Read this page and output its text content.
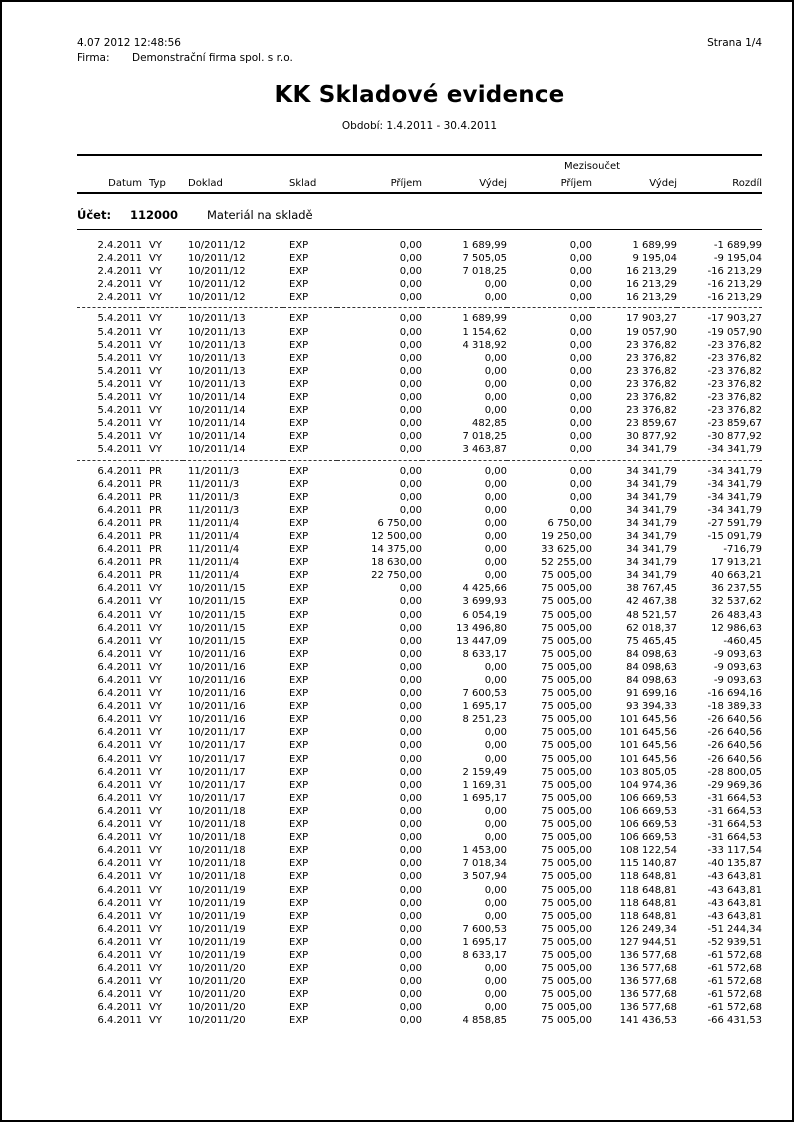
4.07 2012 12:48:56	Strana 1/4
Firma:	Demonstrační firma spol. s r.o.
KK Skladové evidence
Období: 1.4.2011 - 30.4.2011
						Mezisoučet		
Datum	Typ	Doklad	Sklad	Příjem	Výdej	Příjem	Výdej	Rozdíl
Účet:	112000	Materiál na skladě
2.4.2011	VY	10/2011/12	EXP	0,00	1 689,99	0,00	1 689,99	-1 689,99
2.4.2011	VY	10/2011/12	EXP	0,00	7 505,05	0,00	9 195,04	-9 195,04
2.4.2011	VY	10/2011/12	EXP	0,00	7 018,25	0,00	16 213,29	-16 213,29
2.4.2011	VY	10/2011/12	EXP	0,00	0,00	0,00	16 213,29	-16 213,29
2.4.2011	VY	10/2011/12	EXP	0,00	0,00	0,00	16 213,29	-16 213,29
5.4.2011	VY	10/2011/13	EXP	0,00	1 689,99	0,00	17 903,27	-17 903,27
5.4.2011	VY	10/2011/13	EXP	0,00	1 154,62	0,00	19 057,90	-19 057,90
5.4.2011	VY	10/2011/13	EXP	0,00	4 318,92	0,00	23 376,82	-23 376,82
5.4.2011	VY	10/2011/13	EXP	0,00	0,00	0,00	23 376,82	-23 376,82
5.4.2011	VY	10/2011/13	EXP	0,00	0,00	0,00	23 376,82	-23 376,82
5.4.2011	VY	10/2011/13	EXP	0,00	0,00	0,00	23 376,82	-23 376,82
5.4.2011	VY	10/2011/14	EXP	0,00	0,00	0,00	23 376,82	-23 376,82
5.4.2011	VY	10/2011/14	EXP	0,00	0,00	0,00	23 376,82	-23 376,82
5.4.2011	VY	10/2011/14	EXP	0,00	482,85	0,00	23 859,67	-23 859,67
5.4.2011	VY	10/2011/14	EXP	0,00	7 018,25	0,00	30 877,92	-30 877,92
5.4.2011	VY	10/2011/14	EXP	0,00	3 463,87	0,00	34 341,79	-34 341,79
6.4.2011	PR	11/2011/3	EXP	0,00	0,00	0,00	34 341,79	-34 341,79
6.4.2011	PR	11/2011/3	EXP	0,00	0,00	0,00	34 341,79	-34 341,79
6.4.2011	PR	11/2011/3	EXP	0,00	0,00	0,00	34 341,79	-34 341,79
6.4.2011	PR	11/2011/3	EXP	0,00	0,00	0,00	34 341,79	-34 341,79
6.4.2011	PR	11/2011/4	EXP	6 750,00	0,00	6 750,00	34 341,79	-27 591,79
6.4.2011	PR	11/2011/4	EXP	12 500,00	0,00	19 250,00	34 341,79	-15 091,79
6.4.2011	PR	11/2011/4	EXP	14 375,00	0,00	33 625,00	34 341,79	-716,79
6.4.2011	PR	11/2011/4	EXP	18 630,00	0,00	52 255,00	34 341,79	17 913,21
6.4.2011	PR	11/2011/4	EXP	22 750,00	0,00	75 005,00	34 341,79	40 663,21
6.4.2011	VY	10/2011/15	EXP	0,00	4 425,66	75 005,00	38 767,45	36 237,55
6.4.2011	VY	10/2011/15	EXP	0,00	3 699,93	75 005,00	42 467,38	32 537,62
6.4.2011	VY	10/2011/15	EXP	0,00	6 054,19	75 005,00	48 521,57	26 483,43
6.4.2011	VY	10/2011/15	EXP	0,00	13 496,80	75 005,00	62 018,37	12 986,63
6.4.2011	VY	10/2011/15	EXP	0,00	13 447,09	75 005,00	75 465,45	-460,45
6.4.2011	VY	10/2011/16	EXP	0,00	8 633,17	75 005,00	84 098,63	-9 093,63
6.4.2011	VY	10/2011/16	EXP	0,00	0,00	75 005,00	84 098,63	-9 093,63
6.4.2011	VY	10/2011/16	EXP	0,00	0,00	75 005,00	84 098,63	-9 093,63
6.4.2011	VY	10/2011/16	EXP	0,00	7 600,53	75 005,00	91 699,16	-16 694,16
6.4.2011	VY	10/2011/16	EXP	0,00	1 695,17	75 005,00	93 394,33	-18 389,33
6.4.2011	VY	10/2011/16	EXP	0,00	8 251,23	75 005,00	101 645,56	-26 640,56
6.4.2011	VY	10/2011/17	EXP	0,00	0,00	75 005,00	101 645,56	-26 640,56
6.4.2011	VY	10/2011/17	EXP	0,00	0,00	75 005,00	101 645,56	-26 640,56
6.4.2011	VY	10/2011/17	EXP	0,00	0,00	75 005,00	101 645,56	-26 640,56
6.4.2011	VY	10/2011/17	EXP	0,00	2 159,49	75 005,00	103 805,05	-28 800,05
6.4.2011	VY	10/2011/17	EXP	0,00	1 169,31	75 005,00	104 974,36	-29 969,36
6.4.2011	VY	10/2011/17	EXP	0,00	1 695,17	75 005,00	106 669,53	-31 664,53
6.4.2011	VY	10/2011/18	EXP	0,00	0,00	75 005,00	106 669,53	-31 664,53
6.4.2011	VY	10/2011/18	EXP	0,00	0,00	75 005,00	106 669,53	-31 664,53
6.4.2011	VY	10/2011/18	EXP	0,00	0,00	75 005,00	106 669,53	-31 664,53
6.4.2011	VY	10/2011/18	EXP	0,00	1 453,00	75 005,00	108 122,54	-33 117,54
6.4.2011	VY	10/2011/18	EXP	0,00	7 018,34	75 005,00	115 140,87	-40 135,87
6.4.2011	VY	10/2011/18	EXP	0,00	3 507,94	75 005,00	118 648,81	-43 643,81
6.4.2011	VY	10/2011/19	EXP	0,00	0,00	75 005,00	118 648,81	-43 643,81
6.4.2011	VY	10/2011/19	EXP	0,00	0,00	75 005,00	118 648,81	-43 643,81
6.4.2011	VY	10/2011/19	EXP	0,00	0,00	75 005,00	118 648,81	-43 643,81
6.4.2011	VY	10/2011/19	EXP	0,00	7 600,53	75 005,00	126 249,34	-51 244,34
6.4.2011	VY	10/2011/19	EXP	0,00	1 695,17	75 005,00	127 944,51	-52 939,51
6.4.2011	VY	10/2011/19	EXP	0,00	8 633,17	75 005,00	136 577,68	-61 572,68
6.4.2011	VY	10/2011/20	EXP	0,00	0,00	75 005,00	136 577,68	-61 572,68
6.4.2011	VY	10/2011/20	EXP	0,00	0,00	75 005,00	136 577,68	-61 572,68
6.4.2011	VY	10/2011/20	EXP	0,00	0,00	75 005,00	136 577,68	-61 572,68
6.4.2011	VY	10/2011/20	EXP	0,00	0,00	75 005,00	136 577,68	-61 572,68
6.4.2011	VY	10/2011/20	EXP	0,00	4 858,85	75 005,00	141 436,53	-66 431,53
